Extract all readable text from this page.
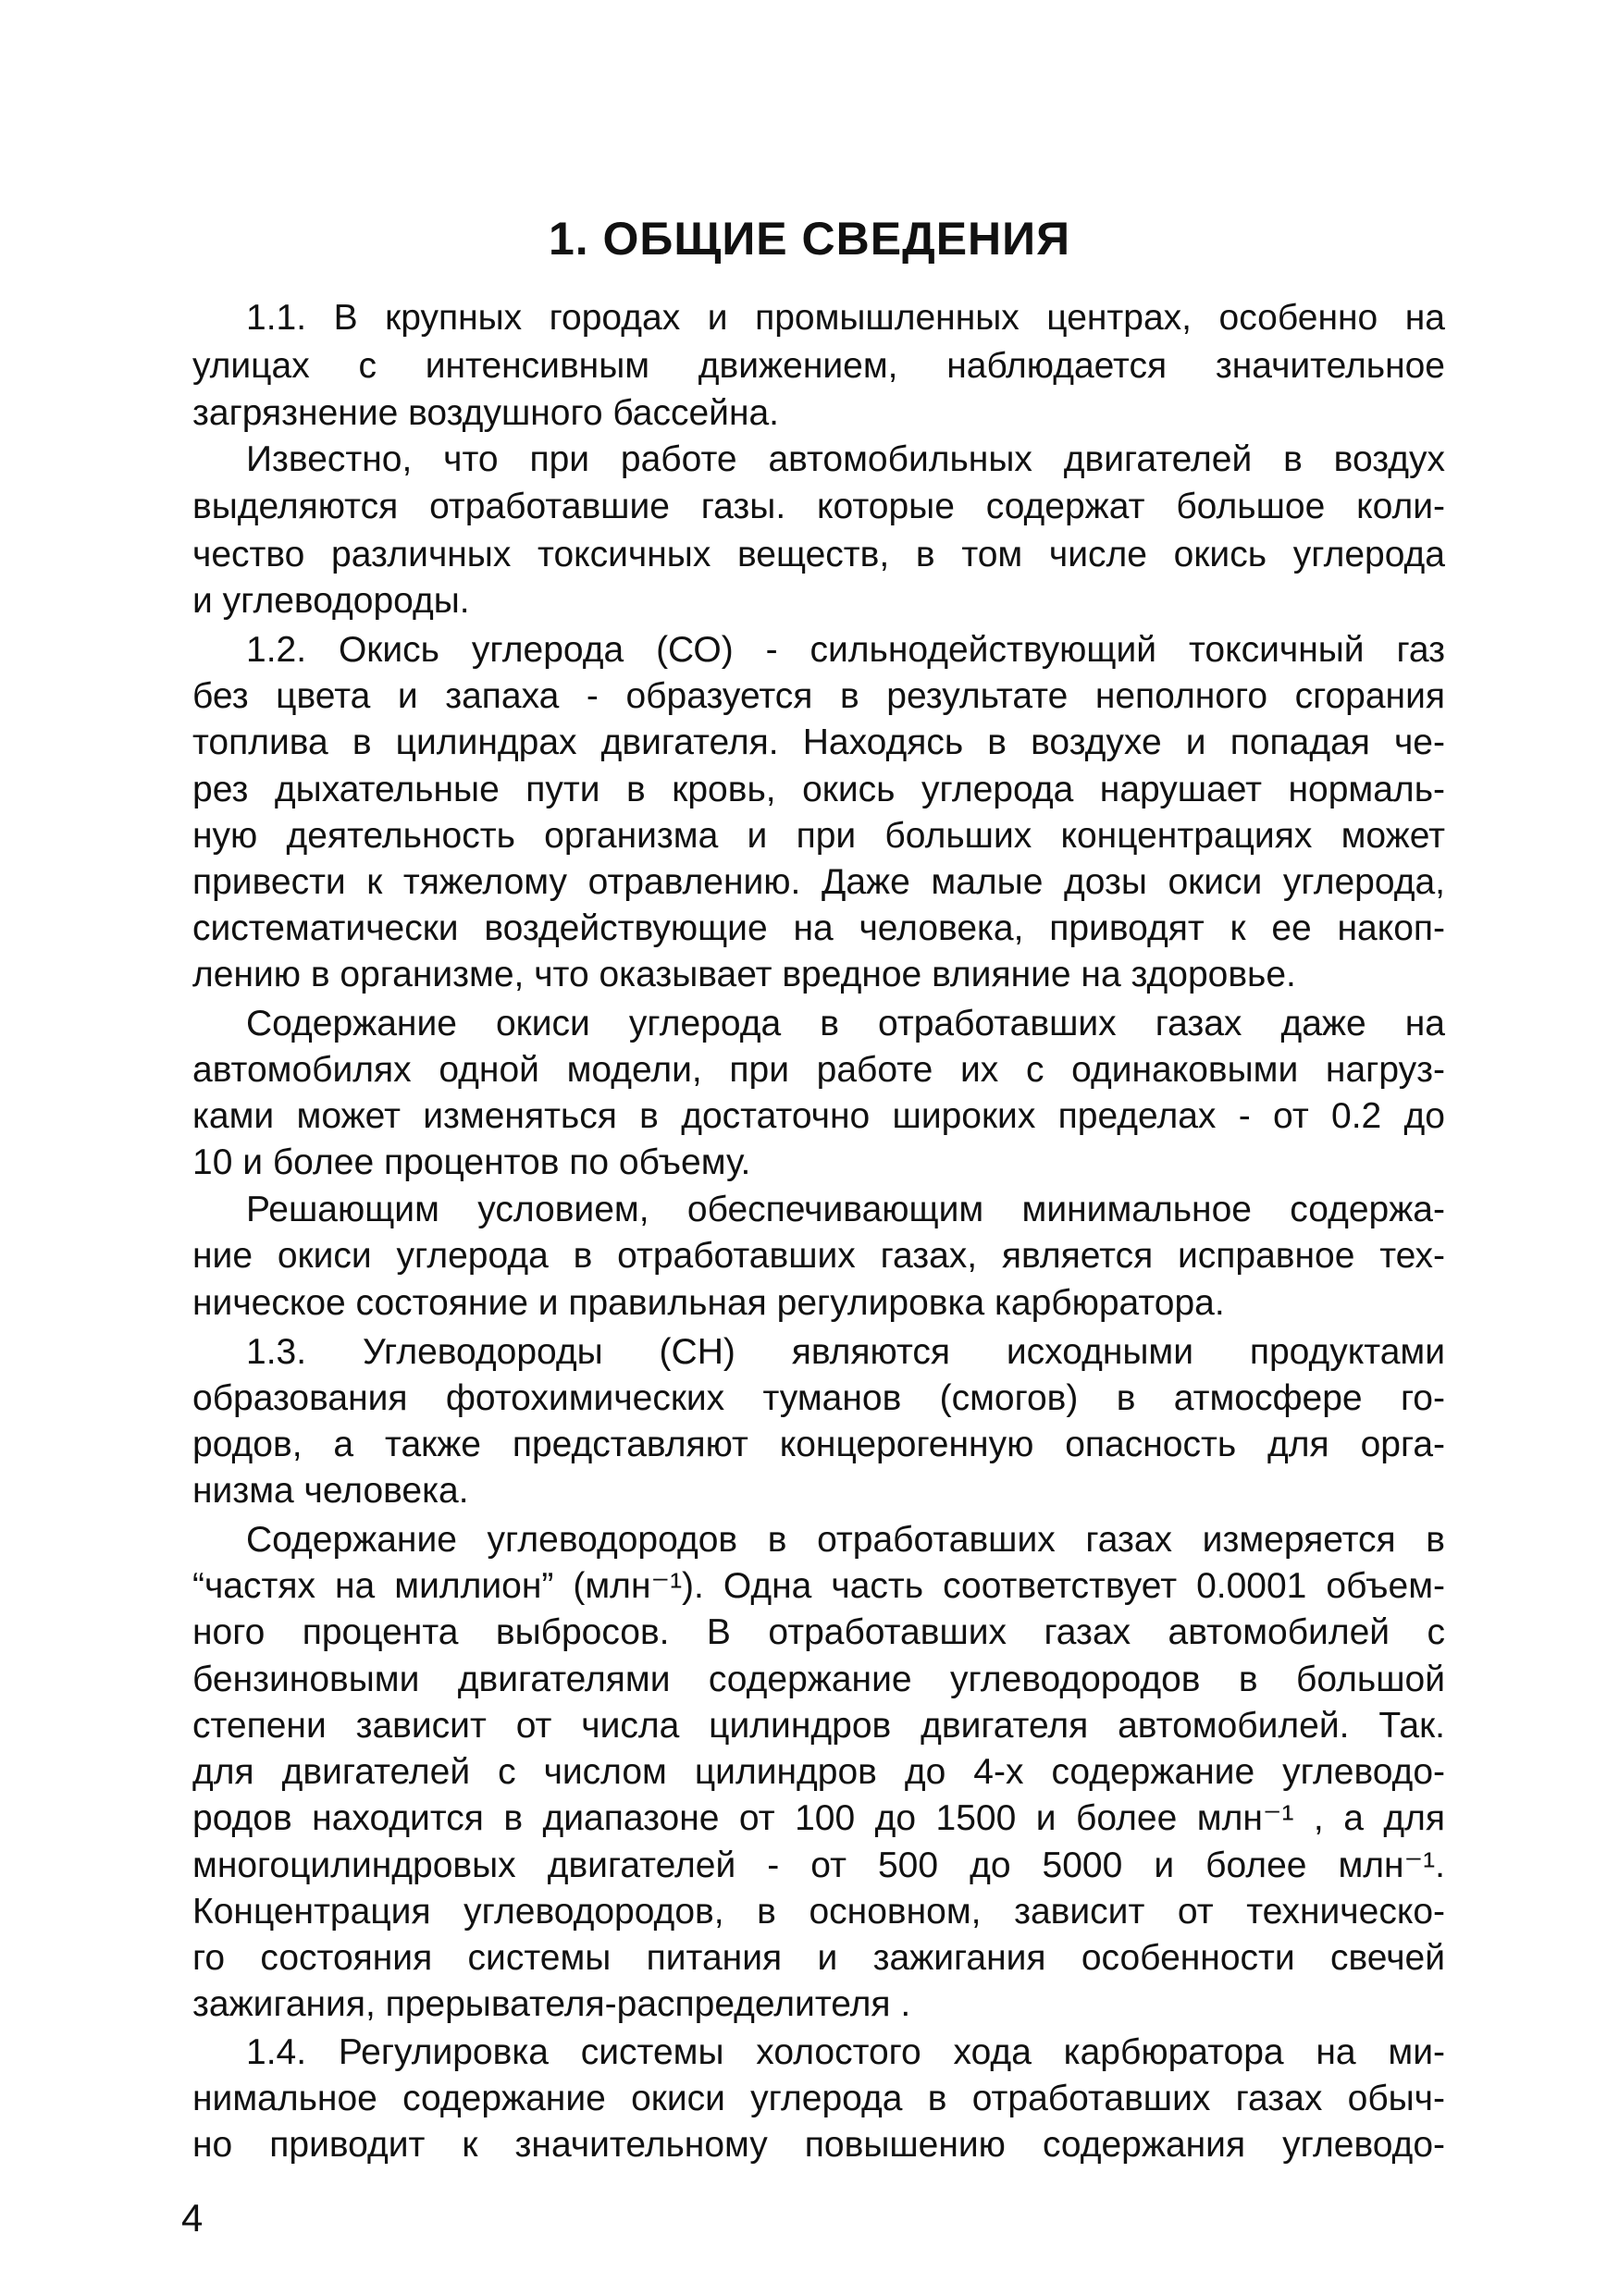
1. ОБЩИЕ СВЕДЕНИЯ
1.1. В крупных городах и промышленных центрах, особенно на
улицах с интенсивным движением, наблюдается значительное
загрязнение воздушного бассейна.
Известно, что при работе автомобильных двигателей в воздух
выделяются отработавшие газы. которые содержат большое коли-
чество различных токсичных веществ, в том числе окись углерода
и углеводороды.
1.2. Окись углерода (СО) - сильнодействующий токсичный газ
без цвета и запаха - образуется в результате неполного сгорания
топлива в цилиндрах двигателя. Находясь в воздухе и попадая че-
рез дыхательные пути в кровь, окись углерода нарушает нормаль-
ную деятельность организма и при больших концентрациях может
привести к тяжелому отравлению. Даже малые дозы окиси углерода,
систематически воздействующие на человека, приводят к ее накоп-
лению в организме, что оказывает вредное влияние на здоровье.
Содержание окиси углерода в отработавших газах даже на
автомобилях одной модели, при работе их с одинаковыми нагруз-
ками может изменяться в достаточно широких пределах - от 0.2 до
10 и более процентов по объему.
Решающим условием, обеспечивающим минимальное содержа-
ние окиси углерода в отработавших газах, является исправное тех-
ническое состояние и правильная регулировка карбюратора.
1.3. Углеводороды (СН) являются исходными продуктами
образования фотохимических туманов (смогов) в атмосфере го-
родов, а также представляют концерогенную опасность для орга-
низма человека.
Содержание углеводородов в отработавших газах измеряется в
“частях на миллион” (млн⁻¹). Одна часть соответствует 0.0001 объем-
ного процента выбросов. В отработавших газах автомобилей с
бензиновыми двигателями содержание углеводородов в большой
степени зависит от числа цилиндров двигателя автомобилей. Так.
для двигателей с числом цилиндров до 4-х содержание углеводо-
родов находится в диапазоне от 100 до 1500 и более млн⁻¹ , а для
многоцилиндровых двигателей - от 500 до 5000 и более млн⁻¹.
Концентрация углеводородов, в основном, зависит от техническо-
го состояния системы питания и зажигания особенности свечей
зажигания, прерывателя-распределителя .
1.4. Регулировка системы холостого хода карбюратора на ми-
нимальное содержание окиси углерода в отработавших газах обыч-
но приводит к значительному повышению содержания углеводо-
4
